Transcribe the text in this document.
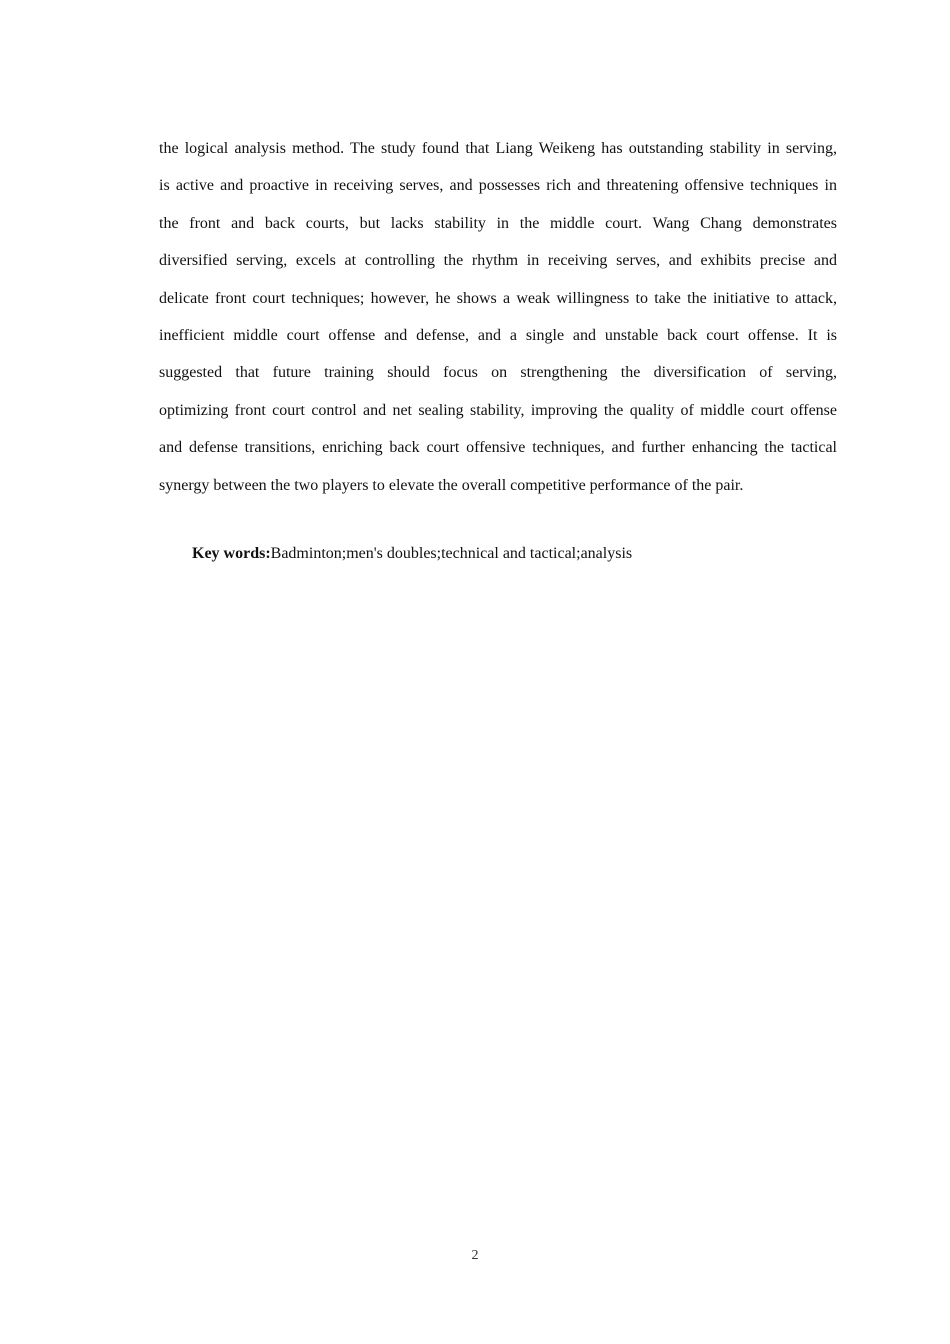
the logical analysis method. The study found that Liang Weikeng has outstanding stability in serving,
is active and proactive in receiving serves, and possesses rich and threatening offensive techniques in
the front and back courts, but lacks stability in the middle court. Wang Chang demonstrates
diversified serving, excels at controlling the rhythm in receiving serves, and exhibits precise and
delicate front court techniques; however, he shows a weak willingness to take the initiative to attack,
inefficient middle court offense and defense, and a single and unstable back court offense. It is
suggested that future training should focus on strengthening the diversification of serving,
optimizing front court control and net sealing stability, improving the quality of middle court offense
and defense transitions, enriching back court offensive techniques, and further enhancing the tactical
synergy between the two players to elevate the overall competitive performance of the pair.

Key words:Badminton;men's doubles;technical and tactical;analysis

2
